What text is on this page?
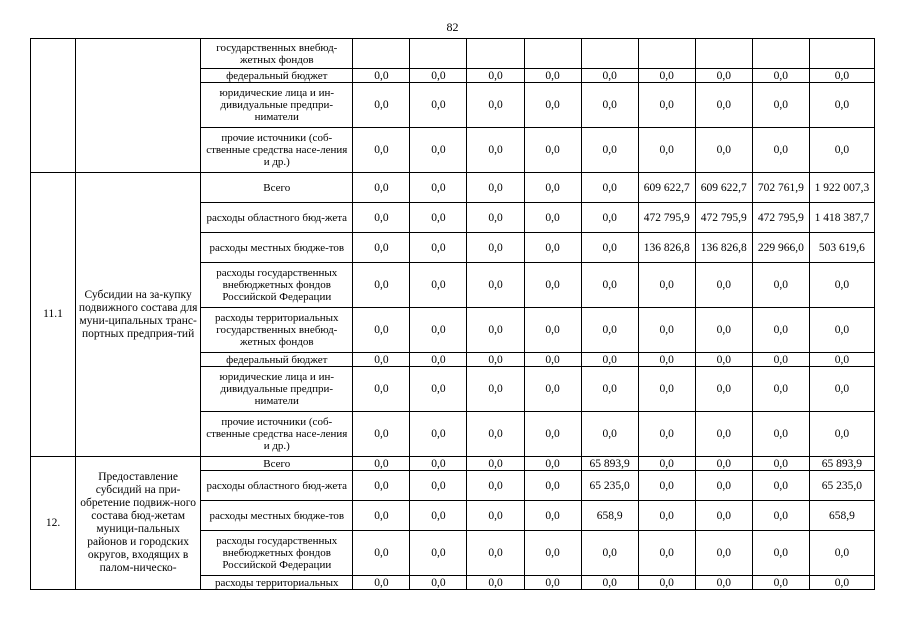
82
		государственных внебюд-жетных фондов									
		федеральный бюджет	0,0	0,0	0,0	0,0	0,0	0,0	0,0	0,0	0,0
		юридические лица и ин-дивидуальные предпри-ниматели	0,0	0,0	0,0	0,0	0,0	0,0	0,0	0,0	0,0
		прочие источники (соб-ственные средства насе-ления и др.)	0,0	0,0	0,0	0,0	0,0	0,0	0,0	0,0	0,0
11.1	Субсидии на за-купку подвижного состава для муни-ципальных транс-портных предприя-тий	Всего	0,0	0,0	0,0	0,0	0,0	609 622,7	609 622,7	702 761,9	1 922 007,3
		расходы областного бюд-жета	0,0	0,0	0,0	0,0	0,0	472 795,9	472 795,9	472 795,9	1 418 387,7
		расходы местных бюдже-тов	0,0	0,0	0,0	0,0	0,0	136 826,8	136 826,8	229 966,0	503 619,6
		расходы государственных внебюджетных фондов Российской Федерации	0,0	0,0	0,0	0,0	0,0	0,0	0,0	0,0	0,0
		расходы территориальных государственных внебюд-жетных фондов	0,0	0,0	0,0	0,0	0,0	0,0	0,0	0,0	0,0
		федеральный бюджет	0,0	0,0	0,0	0,0	0,0	0,0	0,0	0,0	0,0
		юридические лица и ин-дивидуальные предпри-ниматели	0,0	0,0	0,0	0,0	0,0	0,0	0,0	0,0	0,0
		прочие источники (соб-ственные средства насе-ления и др.)	0,0	0,0	0,0	0,0	0,0	0,0	0,0	0,0	0,0
12.	Предоставление субсидий на при-обретение подвиж-ного состава бюд-жетам муници-пальных районов и городских округов, входящих в палом-ническо-	Всего	0,0	0,0	0,0	0,0	65 893,9	0,0	0,0	0,0	65 893,9
		расходы областного бюд-жета	0,0	0,0	0,0	0,0	65 235,0	0,0	0,0	0,0	65 235,0
		расходы местных бюдже-тов	0,0	0,0	0,0	0,0	658,9	0,0	0,0	0,0	658,9
		расходы государственных внебюджетных фондов Российской Федерации	0,0	0,0	0,0	0,0	0,0	0,0	0,0	0,0	0,0
		расходы территориальных	0,0	0,0	0,0	0,0	0,0	0,0	0,0	0,0	0,0
